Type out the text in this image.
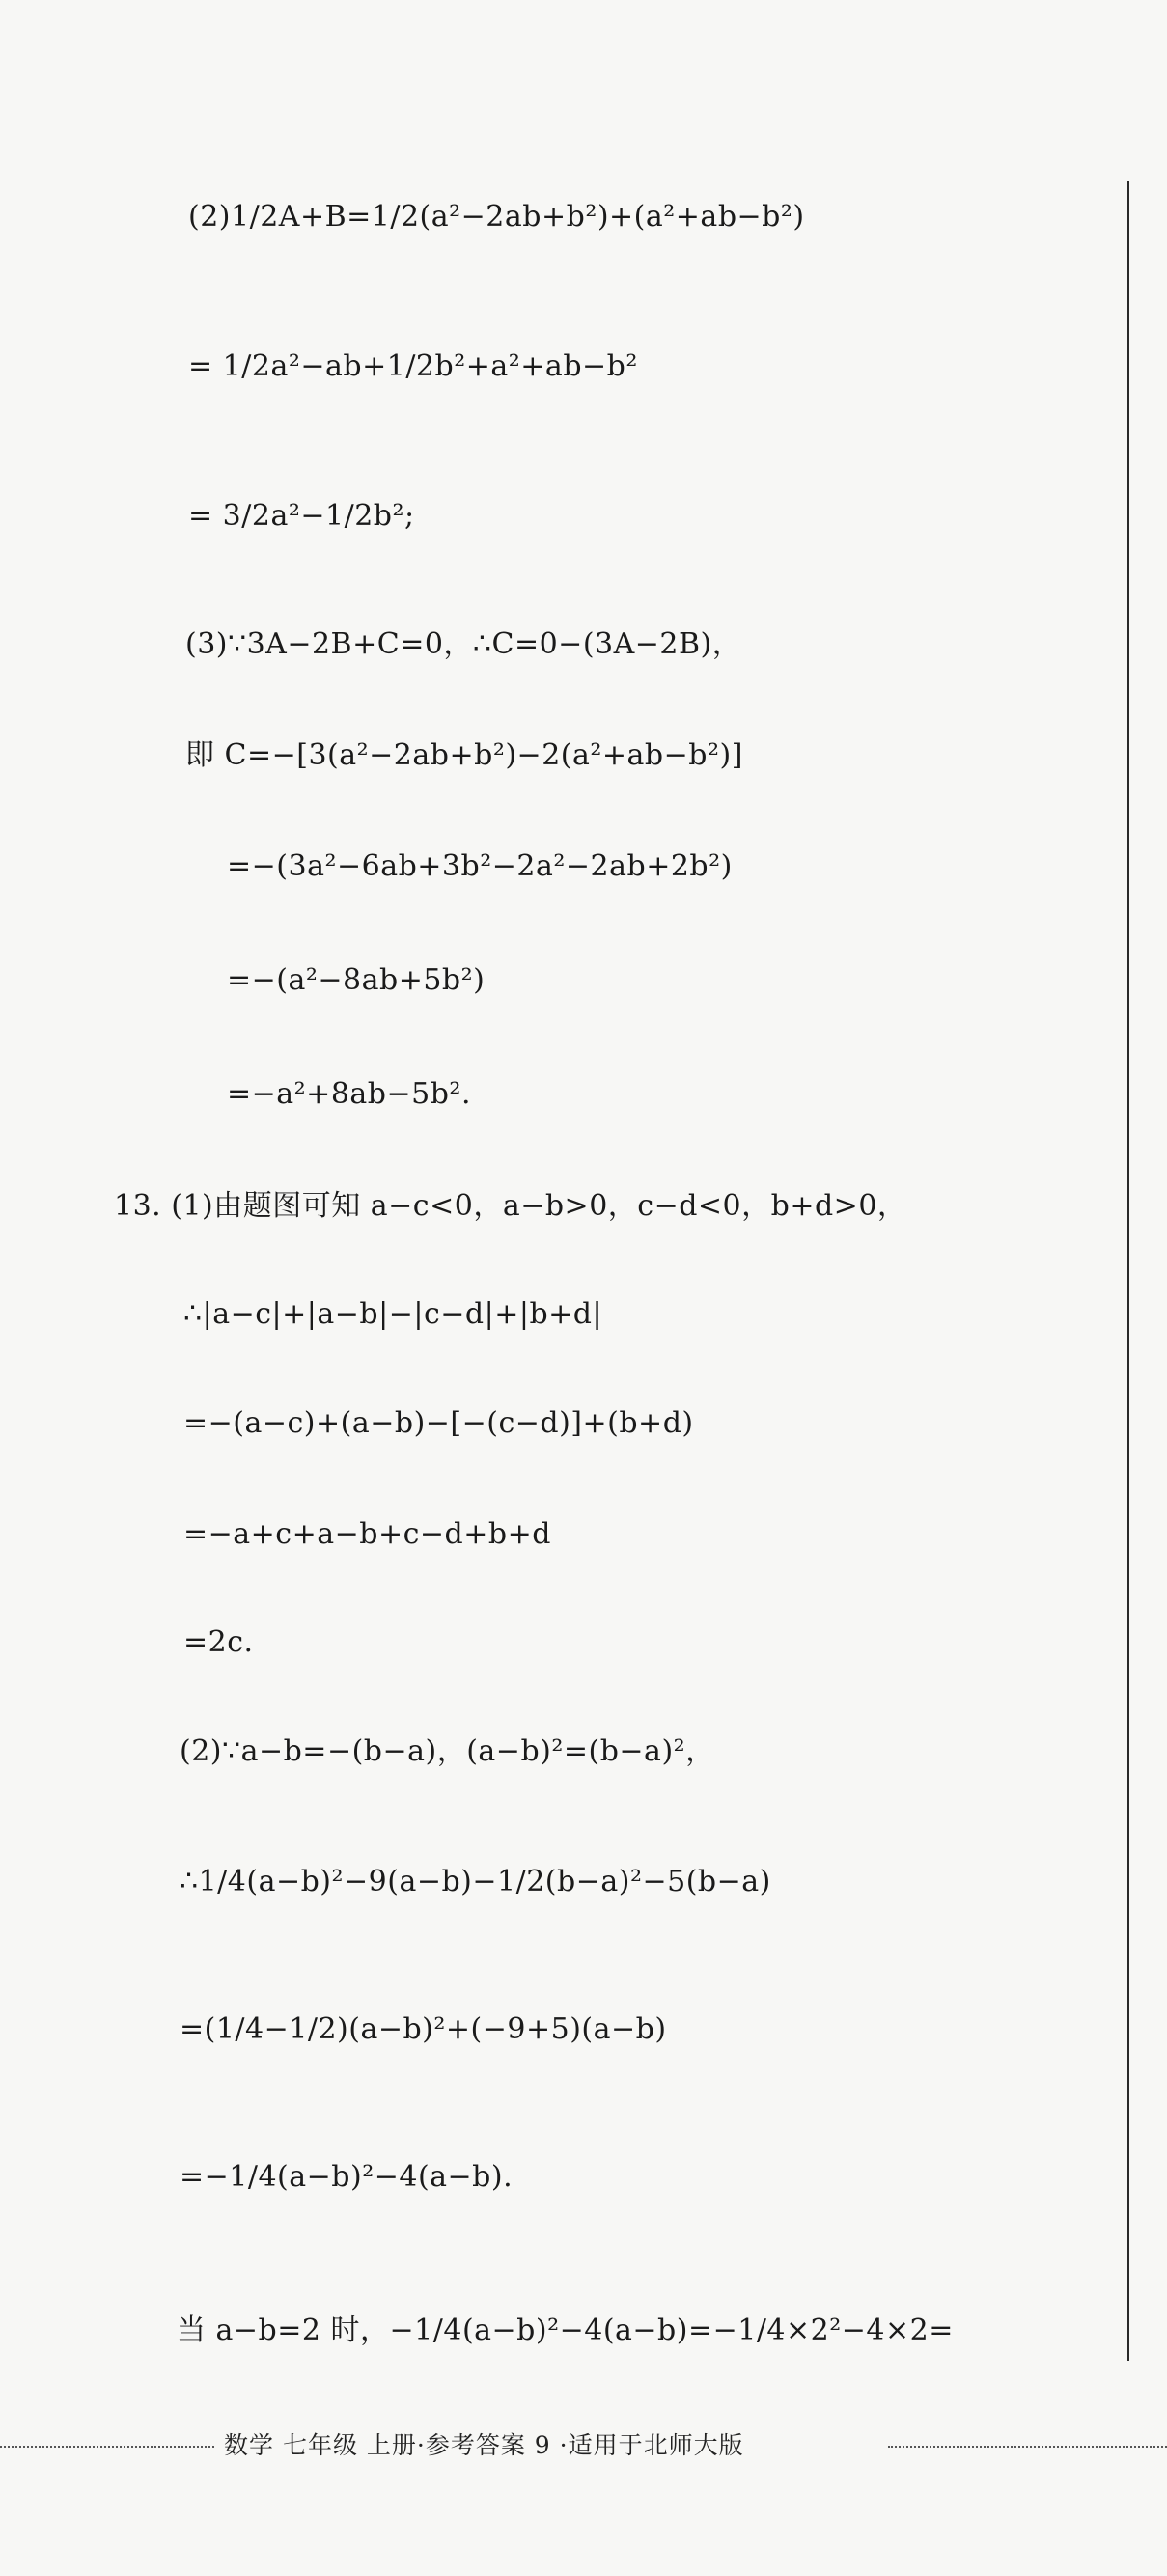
(2)1/2A+B=1/2(a²−2ab+b²)+(a²+ab−b²)
= 1/2a²−ab+1/2b²+a²+ab−b²
= 3/2a²−1/2b²;
(3)∵3A−2B+C=0，∴C=0−(3A−2B)，
即 C=−[3(a²−2ab+b²)−2(a²+ab−b²)]
=−(3a²−6ab+3b²−2a²−2ab+2b²)
=−(a²−8ab+5b²)
=−a²+8ab−5b².
13. (1)由题图可知 a−c<0，a−b>0，c−d<0，b+d>0，
∴|a−c|+|a−b|−|c−d|+|b+d|
=−(a−c)+(a−b)−[−(c−d)]+(b+d)
=−a+c+a−b+c−d+b+d
=2c.
(2)∵a−b=−(b−a)，(a−b)²=(b−a)²，
∴1/4(a−b)²−9(a−b)−1/2(b−a)²−5(b−a)
=(1/4−1/2)(a−b)²+(−9+5)(a−b)
=−1/4(a−b)²−4(a−b).
当 a−b=2 时，−1/4(a−b)²−4(a−b)=−1/4×2²−4×2=
数学 七年级 上册·参考答案 9 ·适用于北师大版
